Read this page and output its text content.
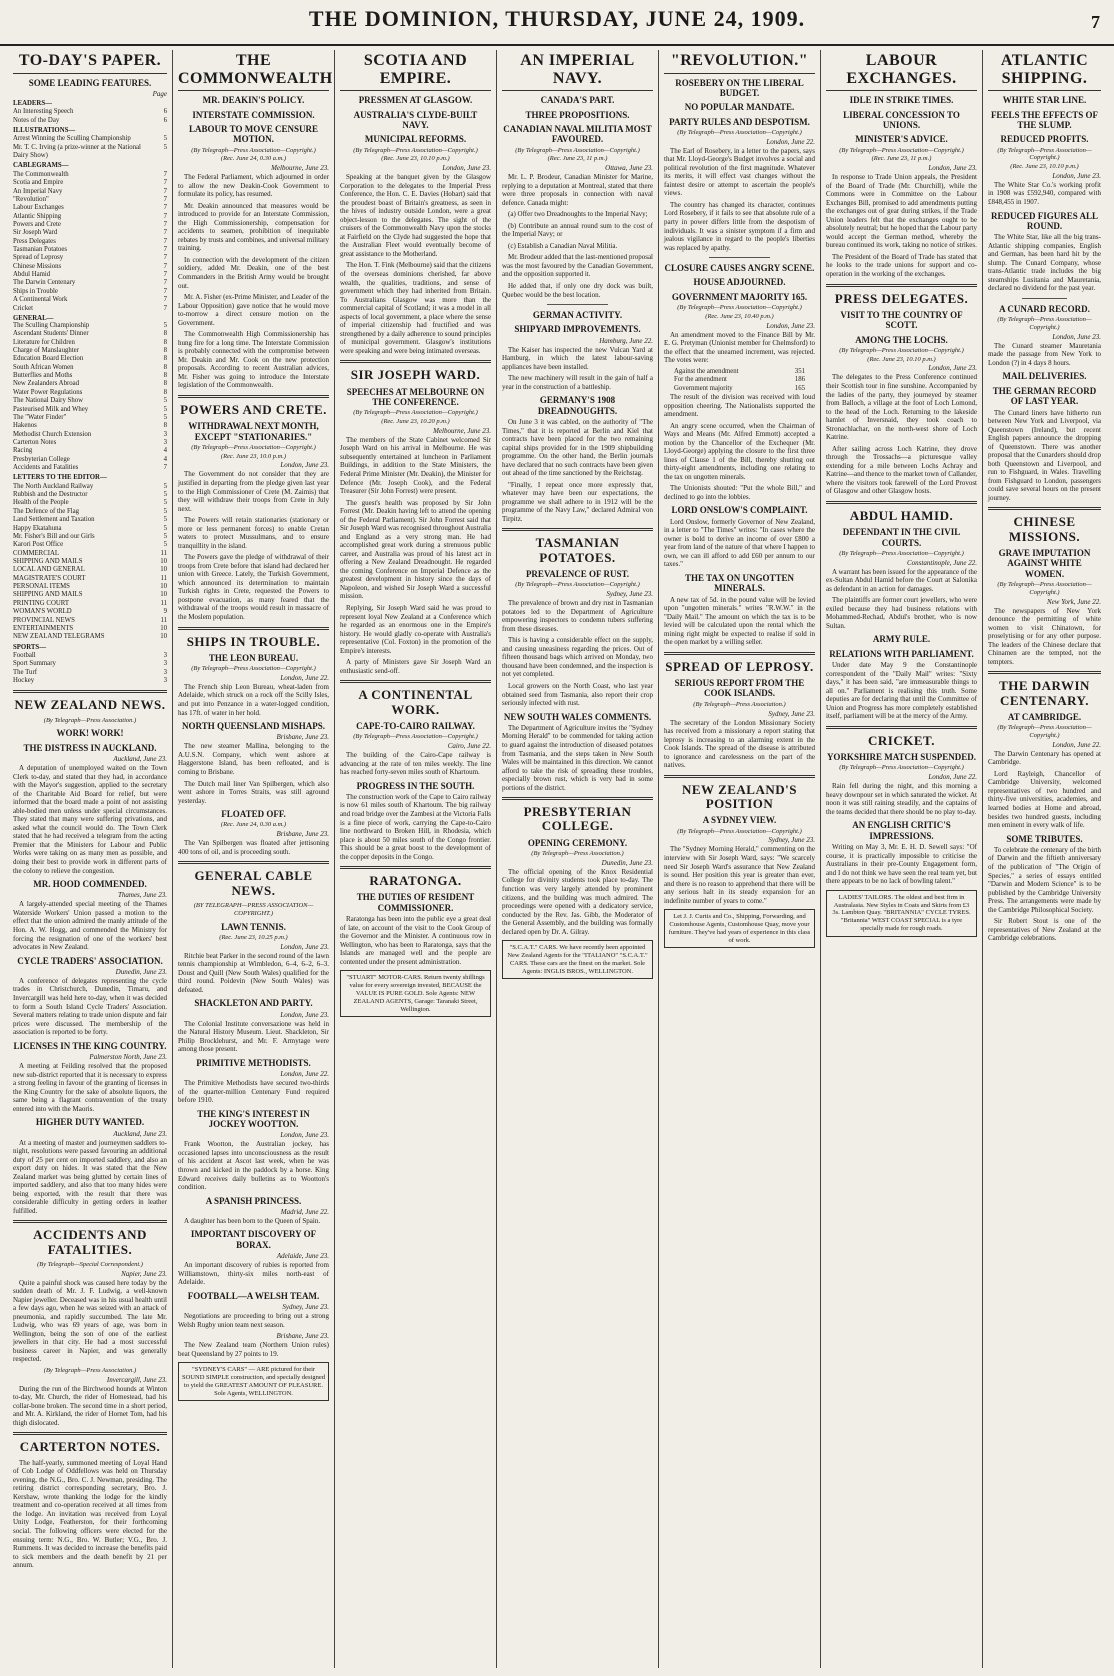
THE DOMINION, THURSDAY, JUNE 24, 1909.	7
TO-DAY'S PAPER.
SOME LEADING FEATURES.
Page
LEADERS—
An Interesting Speech	6
Notes of the Day	6
ILLUSTRATIONS—
Arrest Winning the Sculling Championship	5
Mr. T. C. Irving (a prize-winner at the National Dairy Show)
5
CABLEGRAMS—
The Commonwealth	7
Scotia and Empire	7
An Imperial Navy	7
"Revolution"	7
Labour Exchanges	7
Atlantic Shipping	7
Powers and Crete	7
Sir Joseph Ward	7
Press Delegates	7
Tasmanian Potatoes	7
Spread of Leprosy	7
Chinese Missions	7
Abdul Hamid	7
The Darwin Centenary	7
Ships in Trouble	7
A Continental Work	7
Cricket	7
GENERAL—
The Sculling Championship	5
Ascendant Students' Dinner	8
Literature for Children	8
Charge of Manslaughter	8
Education Board Election	8
South African Women	8
Butterflies and Moths	8
New Zealanders Abroad	8
Water Power Regulations	8
The National Dairy Show	5
Pasteurised Milk and Whey	5
The "Water Finder"	5
Hakenos	8
Methodist Church Extension	3
Carterton Notes	3
Racing	4
Presbyterian College	4
Accidents and Fatalities	7
LETTERS TO THE EDITOR—
The North Auckland Railway	5
Rubbish and the Destructor	5
Health of the People	5
The Defence of the Flag	5
Land Settlement and Taxation	5
Happy Ekatahuna	5
Mr. Fisher's Bill and our Girls	5
Karori Post Office	5
COMMERCIAL	11
SHIPPING AND MAILS	10
LOCAL AND GENERAL	10
MAGISTRATE'S COURT	11
PERSONAL ITEMS	10
SHIPPING AND MAILS	10
PRINTING COURT	11
WOMAN'S WORLD	9
PROVINCIAL NEWS	11
ENTERTAINMENTS	10
NEW ZEALAND TELEGRAMS	10
SPORTS—
Football	3
Sport Summary	3
The Turf	3
Hockey	3
NEW ZEALAND NEWS.
(By Telegraph—Press Association.)
WORK! WORK!
THE DISTRESS IN AUCKLAND.
Auckland, June 23.

A deputation of unemployed waited on the Town Clerk to-day, and stated that they had, in accordance with the Mayor's suggestion, applied to the secretary of the Charitable Aid Board for relief, but were informed that the board made a point of not assisting able-bodied men unless under special circumstances. They stated that many were suffering privations, and asked what the council would do. The Town Clerk stated that he had received a telegram from the acting Premier that the Ministers for Labour and Public Works were taking on as many men as possible, and doing their best to provide work in different parts of the colony to relieve the congestion.

MR. HOOD COMMENDED.
Thames, June 23.

A largely-attended special meeting of the Thames Waterside Workers' Union passed a motion to the effect that the union admired the manly attitude of the Hon. A. W. Hogg, and commended the Ministry for forcing the resignation of one of the workers' best advocates in New Zealand.

CYCLE TRADERS' ASSOCIATION.
Dunedin, June 23.

A conference of delegates representing the cycle trades in Christchurch, Dunedin, Timaru, and Invercargill was held here to-day, when it was decided to form a South Island Cycle Traders' Association. Several matters relating to trade union dispute and fair prices were discussed. The membership of the association is reported to be forty.

LICENSES IN THE KING COUNTRY.
Palmerston North, June 23.

A meeting at Feilding resolved that the proposed new sub-district reported that it is necessary to express a strong feeling in favour of the granting of licenses in the King Country for the sake of absolute liquors, the same being a flagrant contravention of the treaty entered into with the Maoris.

HIGHER DUTY WANTED.
Auckland, June 23.

At a meeting of master and journeymen saddlers to-night, resolutions were passed favouring an additional duty of 25 per cent on imported saddlery, and also an export duty on hides. It was stated that the New Zealand market was being glutted by certain lines of imported saddlery, and also that too many hides were being exported, with the result that there was considerable difficulty in getting orders in leather fulfilled.

ACCIDENTS AND FATALITIES.
(By Telegraph—Special Correspondent.)
Napier, June 23.

Quite a painful shock was caused here today by the sudden death of Mr. J. F. Ludwig, a well-known Napier jeweller. Deceased was in his usual health until a few days ago, when he was seized with an attack of pneumonia, and rapidly succumbed. The late Mr. Ludwig, who was 69 years of age, was born in Wellington, being the son of one of the earliest jewellers in that city. He had a most successful business career in Napier, and was generally respected.

(By Telegraph—Press Association.)
Invercargill, June 23.

During the run of the Birchwood hounds at Winton to-day, Mr. Church, the rider of Homestead, had his collar-bone broken. The second time in a short period, and Mr. A. Kirkland, the rider of Hornet Tom, had his thigh dislocated.

CARTERTON NOTES.

The half-yearly, summoned meeting of Loyal Hand of Cob Lodge of Oddfellows was held on Thursday evening, the N.G., Bro. C. J. Newman, presiding. The retiring district corresponding secretary, Bro. J. Kershaw, wrote thanking the lodge for the kindly treatment and co-operation received at all times from the lodge. An invitation was received from Loyal Unity Lodge, Featherston, for their forthcoming social. The following officers were elected for the ensuing term: N.G., Bro. W. Butler; V.G., Bro. J. Rummens. It was decided to increase the benefits paid to sick members and the death benefit by 21 per annum.

THE COMMONWEALTH
MR. DEAKIN'S POLICY.
INTERSTATE COMMISSION.
LABOUR TO MOVE CENSURE MOTION.
(By Telegraph—Press Association—Copyright.)
(Rec. June 24, 0.30 a.m.)
Melbourne, June 23.

The Federal Parliament, which adjourned in order to allow the new Deakin-Cook Government to formulate its policy, has resumed.

Mr. Deakin announced that measures would be introduced to provide for an Interstate Commission, the High Commissionership, compensation for accidents to seamen, prohibition of inequitable rebates by trusts and combines, and universal military training.

In connection with the development of the citizen soldiery, added Mr. Deakin, one of the best Commanders in the British Army would be brought out.

Mr. A. Fisher (ex-Prime Minister, and Leader of the Labour Opposition) gave notice that he would move to-morrow a direct censure motion on the Government.

The Commonwealth High Commissionership has hung fire for a long time. The Interstate Commission is probably connected with the compromise between Mr. Deakin and Mr. Cook on the new protection proposals. According to recent Australian advices, Mr. Fisher was going to introduce the Interstate legislation of the Commonwealth.

POWERS AND CRETE.
WITHDRAWAL NEXT MONTH, EXCEPT "STATIONARIES."
(By Telegraph—Press Association—Copyright.)
(Rec. June 23, 10.0 p.m.)
London, June 23.

The Government do not consider that they are justified in departing from the pledge given last year to the High Commissioner of Crete (M. Zaimis) that they will withdraw their troops from Crete in July next.

The Powers will retain stationaries (stationary or more or less permanent forces) to enable Cretan waters to protect Mussulmans, and to ensure tranquillity in the island.

The Powers gave the pledge of withdrawal of their troops from Crete before that island had declared her union with Greece. Lately, the Turkish Government, which announced its determination to maintain Turkish rights in Crete, requested the Powers to postpone evacuation, as many feared that the withdrawal of the troops would result in massacre of the Moslem population.

SHIPS IN TROUBLE.
THE LEON BUREAU.
(By Telegraph—Press Association—Copyright.)
London, June 22.

The French ship Leon Bureau, wheat-laden from Adelaide, which struck on a rock off the Scilly Isles, and put into Penzance in a water-logged condition, has 17ft. of water in her hold.

NORTH QUEENSLAND MISHAPS.
Brisbane, June 23.

The new steamer Mallina, belonging to the A.U.S.N. Company, which went ashore at Haggerstone Island, has been refloated, and is coming to Brisbane.

The Dutch mail liner Van Spilbergen, which also went ashore in Torres Straits, was still aground yesterday.

FLOATED OFF.
(Rec. June 24, 0.30 a.m.)
Brisbane, June 23.

The Van Spilbergen was floated after jettisoning 400 tons of oil, and is proceeding south.

GENERAL CABLE NEWS.
(BY TELEGRAPH—PRESS ASSOCIATION—COPYRIGHT.)
LAWN TENNIS.
(Rec. June 23, 10.25 p.m.)
London, June 23.

Ritchie beat Parker in the second round of the lawn tennis championship at Wimbledon, 6–4, 6–2, 6–3. Doust and Quill (New South Wales) qualified for the third round. Poidevin (New South Wales) was defeated.

SHACKLETON AND PARTY.
London, June 23.

The Colonial Institute conversazione was held in the Natural History Museum. Lieut. Shackleton, Sir Philip Brocklehurst, and Mr. F. Armytage were among those present.

PRIMITIVE METHODISTS.
London, June 22.

The Primitive Methodists have secured two-thirds of the quarter-million Centenary Fund required before 1910.

THE KING'S INTEREST IN JOCKEY WOOTTON.
London, June 23.

Frank Wootton, the Australian jockey, has occasioned lapses into unconsciousness as the result of his accident at Ascot last week, when he was thrown and kicked in the paddock by a horse. King Edward receives daily bulletins as to Wootton's condition.

A SPANISH PRINCESS.
Madrid, June 22.

A daughter has been born to the Queen of Spain.

IMPORTANT DISCOVERY OF BORAX.
Adelaide, June 23.

An important discovery of rubies is reported from Williamstown, thirty-six miles north-east of Adelaide.

FOOTBALL—A WELSH TEAM.
Sydney, June 23.

Negotiations are proceeding to bring out a strong Welsh Rugby union team next season.

Brisbane, June 23.

The New Zealand team (Northern Union rules) beat Queensland by 27 points to 19.

"SYDNEY'S CARS" — ARE pictured for their SOUND SIMPLE construction, and specially designed to yield the GREATEST AMOUNT OF PLEASURE. Sole Agents, WELLINGTON.
SCOTIA AND EMPIRE.
PRESSMEN AT GLASGOW.
AUSTRALIA'S CLYDE-BUILT NAVY.
MUNICIPAL REFORMS.
(By Telegraph—Press Association—Copyright.)
(Rec. June 23, 10.10 p.m.)
London, June 23.

Speaking at the banquet given by the Glasgow Corporation to the delegates to the Imperial Press Conference, the Hon. C. E. Davies (Hobart) said that the proudest boast of Britain's greatness, as seen in the hives of industry outside London, were a great object-lesson to the delegates. The sight of the cruisers of the Commonwealth Navy upon the stocks at Fairfield on the Clyde had suggested the hope that the Australian Fleet would eventually become of great assistance to the Motherland.

The Hon. T. Fink (Melbourne) said that the citizens of the overseas dominions cherished, far above wealth, the qualities, traditions, and sense of government which they had inherited from Britain. To Australians Glasgow was more than the commercial capital of Scotland; it was a model in all aspects of local government, a place where the sense of imperial citizenship had fructified and was strengthened by a daily adherence to sound principles of municipal government. Glasgow's institutions were speaking and were being intimated overseas.

SIR JOSEPH WARD.
SPEECHES AT MELBOURNE ON THE CONFERENCE.
(By Telegraph—Press Association—Copyright.)
(Rec. June 23, 10.20 p.m.)
Melbourne, June 23.

The members of the State Cabinet welcomed Sir Joseph Ward on his arrival in Melbourne. He was subsequently entertained at luncheon in Parliament Buildings, in addition to the State Ministers, the Federal Prime Minister (Mr. Deakin), the Minister for Defence (Mr. Joseph Cook), and the Federal Treasurer (Sir John Forrest) were present.

The guest's health was proposed by Sir John Forrest (Mr. Deakin having left to attend the opening of the Federal Parliament). Sir John Forrest said that Sir Joseph Ward was recognised throughout Australia and England as a very strong man. He had accomplished great work during a strenuous public career, and Australia was proud of his latest act in offering a New Zealand Dreadnought. He regarded the coming Conference on Imperial Defence as the greatest development in history since the days of Napoleon, and wished Sir Joseph Ward a successful mission.

Replying, Sir Joseph Ward said he was proud to represent loyal New Zealand at a Conference which he regarded as an enormous one in the Empire's history. He would gladly co-operate with Australia's representative (Col. Foxton) in the promotion of the Empire's interests.

A party of Ministers gave Sir Joseph Ward an enthusiastic send-off.

A CONTINENTAL WORK.
CAPE-TO-CAIRO RAILWAY.
(By Telegraph—Press Association—Copyright.)
Cairo, June 22.

The building of the Cairo-Cape railway is advancing at the rate of ten miles weekly. The line has reached forty-seven miles south of Khartoum.

PROGRESS IN THE SOUTH.

The construction work of the Cape to Cairo railway is now 61 miles south of Khartoum. The big railway and road bridge over the Zambesi at the Victoria Falls is a fine piece of work, carrying the Cape-to-Cairo line northward to Broken Hill, in Rhodesia, which place is about 50 miles south of the Congo frontier. This should be a great boost to the development of the copper deposits in the Congo.

RARATONGA.
THE DUTIES OF RESIDENT COMMISSIONER.

Raratonga has been into the public eye a great deal of late, on account of the visit to the Cook Group of the Governor and the Minister. A continuous row in Wellington, who has been to Raratonga, says that the Islands are managed well and the people are contented under the present administration.

"STUART" MOTOR-CARS. Return twenty shillings value for every sovereign invested, BECAUSE the VALUE IS PURE GOLD. Sole Agents: NEW ZEALAND AGENTS, Garage: Taranaki Street, Wellington.
AN IMPERIAL NAVY.
CANADA'S PART.
THREE PROPOSITIONS.
CANADIAN NAVAL MILITIA MOST FAVOURED.
(By Telegraph—Press Association—Copyright.)
(Rec. June 23, 11 p.m.)
Ottawa, June 23.

Mr. L. P. Brodeur, Canadian Minister for Marine, replying to a deputation at Montreal, stated that there were three proposals in connection with naval defence. Canada might:

(a) Offer two Dreadnoughts to the Imperial Navy;

(b) Contribute an annual round sum to the cost of the Imperial Navy; or

(c) Establish a Canadian Naval Militia.

Mr. Brodeur added that the last-mentioned proposal was the most favoured by the Canadian Government, and the opposition supported it.

He added that, if only one dry dock was built, Quebec would be the best location.

GERMAN ACTIVITY.
SHIPYARD IMPROVEMENTS.
Hamburg, June 22.

The Kaiser has inspected the new Vulcan Yard at Hamburg, in which the latest labour-saving appliances have been installed.

The new machinery will result in the gain of half a year in the construction of a battleship.

GERMANY'S 1908 DREADNOUGHTS.

On June 3 it was cabled, on the authority of "The Times," that it is reported at Berlin and Kiel that contracts have been placed for the two remaining capital ships provided for in the 1909 shipbuilding programme. On the other hand, the Berlin journals have declared that no such contracts have been given out ahead of the time sanctioned by the Reichstag.

"Finally, I repeat once more expressly that, whatever may have been our expectations, the programme we shall adhere to in 1912 will be the programme of the Navy Law," declared Admiral von Tirpitz.

TASMANIAN POTATOES.
PREVALENCE OF RUST.
(By Telegraph—Press Association—Copyright.)
Sydney, June 23.

The prevalence of brown and dry rust in Tasmanian potatoes led to the Department of Agriculture empowering inspectors to condemn tubers suffering from these diseases.

This is having a considerable effect on the supply, and causing uneasiness regarding the prices. Out of fifteen thousand bags which arrived on Monday, two thousand have been condemned, and the inspection is not yet completed.

Local growers on the North Coast, who last year obtained seed from Tasmania, also report their crop seriously infected with rust.

NEW SOUTH WALES COMMENTS.

The Department of Agriculture invites the "Sydney Morning Herald" to be commended for taking action to guard against the introduction of diseased potatoes from Tasmania, and the steps taken in New South Wales will be maintained in this direction. We cannot afford to take the risk of spreading these troubles, especially brown rust, which is very bad in some portions of the district.

PRESBYTERIAN COLLEGE.
OPENING CEREMONY.
(By Telegraph—Press Association.)
Dunedin, June 23.

The official opening of the Knox Residential College for divinity students took place to-day. The function was very largely attended by prominent citizens, and the building was much admired. The proceedings were opened with a dedicatory service, conducted by the Rev. Jas. Gibb, the Moderator of the General Assembly, and the building was formally declared open by Dr. A. Gilray.

"S.C.A.T." CARS. We have recently been appointed New Zealand Agents for the "ITALIANO" "S.C.A.T." CARS. These cars are the finest on the market. Sole Agents: INGLIS BROS., WELLINGTON.
"REVOLUTION."
ROSEBERY ON THE LIBERAL BUDGET.
NO POPULAR MANDATE.
PARTY RULES AND DESPOTISM.
(By Telegraph—Press Association—Copyright.)
London, June 22.

The Earl of Rosebery, in a letter to the papers, says that Mr. Lloyd-George's Budget involves a social and political revolution of the first magnitude. Whatever its merits, it will effect vast changes without the faintest desire or attempt to ascertain the people's views.

The country has changed its character, continues Lord Rosebery, if it fails to see that absolute rule of a party in power differs little from the despotism of individuals. It was a sinister symptom if a firm and jealous vigilance in regard to the people's liberties was replaced by apathy.

CLOSURE CAUSES ANGRY SCENE.
HOUSE ADJOURNED.
GOVERNMENT MAJORITY 165.
(By Telegraph—Press Association—Copyright.)
(Rec. June 23, 10.40 p.m.)
London, June 23.

An amendment moved to the Finance Bill by Mr. E. G. Pretyman (Unionist member for Chelmsford) to the effect that the unearned increment, was rejected. The votes were:

Against the amendment	351
For the amendment	186
Government majority	165

The result of the division was received with loud opposition cheering. The Nationalists supported the amendment.

An angry scene occurred, when the Chairman of Ways and Means (Mr. Alfred Emmott) accepted a motion by the Chancellor of the Exchequer (Mr. Lloyd-George) applying the closure to the first three lines of Clause 1 of the Bill, thereby shutting out thirty-eight amendments, including one relating to the tax on ungotten minerals.

The Unionists shouted: "Put the whole Bill," and declined to go into the lobbies.

LORD ONSLOW'S COMPLAINT.

Lord Onslow, formerly Governor of New Zealand, in a letter to "The Times" writes: "In cases where the owner is bold to derive an income of over £800 a year from land of the nature of that where I happen to own, we can ill afford to add £60 per annum to our taxes."

THE TAX ON UNGOTTEN MINERALS.

A new tax of 5d. in the pound value will be levied upon "ungotten minerals." writes "R.W.W." in the "Daily Mail." The amount on which the tax is to be levied will be calculated upon the rental which the mining right might be expected to realise if sold in the open market by a willing seller.

SPREAD OF LEPROSY.
SERIOUS REPORT FROM THE COOK ISLANDS.
(By Telegraph—Press Association.)
Sydney, June 23.

The secretary of the London Missionary Society has received from a missionary a report stating that leprosy is increasing to an alarming extent in the Cook Islands. The spread of the disease is attributed to ignorance and carelessness on the part of the natives.

NEW ZEALAND'S POSITION
A SYDNEY VIEW.
(By Telegraph—Press Association—Copyright.)
Sydney, June 23.

The "Sydney Morning Herald," commenting on the interview with Sir Joseph Ward, says: "We scarcely need Sir Joseph Ward's assurance that New Zealand is sound. Her position this year is greater than ever, and there is no reason to apprehend that there will be any serious halt in its steady expansion for an indefinite number of years to come."

Let J. J. Curtis and Co., Shipping, Forwarding, and Customhouse Agents, Customhouse Quay, move your furniture. They've had years of experience in this class of work.
LABOUR EXCHANGES.
IDLE IN STRIKE TIMES.
LIBERAL CONCESSION TO UNIONS.
MINISTER'S ADVICE.
(By Telegraph—Press Association—Copyright.)
(Rec. June 23, 11 p.m.)
London, June 23.

In response to Trade Union appeals, the President of the Board of Trade (Mr. Churchill), while the Commons were in Committee on the Labour Exchanges Bill, promised to add amendments putting the exchanges out of gear during strikes, if the Trade Union leaders felt that the exchanges ought to be absolutely neutral; but he hoped that the Labour party would accept the German method, whereby the bureau continued its work, taking no notice of strikes.

The President of the Board of Trade has stated that he looks to the trade unions for support and co-operation in the working of the exchanges.

PRESS DELEGATES.
VISIT TO THE COUNTRY OF SCOTT.
AMONG THE LOCHS.
(By Telegraph—Press Association—Copyright.)
(Rec. June 23, 10.10 p.m.)
London, June 23.

The delegates to the Press Conference continued their Scottish tour in fine sunshine. Accompanied by the ladies of the party, they journeyed by steamer from Balloch, a village at the foot of Loch Lomond, to the head of the Loch. Returning to the lakeside hamlet of Inversnaid, they took coach to Stronachlachar, on the north-west shore of Loch Katrine.

After sailing across Loch Katrine, they drove through the Trossachs—a picturesque valley extending for a mile between Lochs Achray and Katrine—and thence to the market town of Callander, where the visitors took farewell of the Lord Provost of Glasgow and other Glasgow hosts.

ABDUL HAMID.
DEFENDANT IN THE CIVIL COURTS.
(By Telegraph—Press Association—Copyright.)
Constantinople, June 22.

A warrant has been issued for the appearance of the ex-Sultan Abdul Hamid before the Court at Salonika as defendant in an action for damages.

The plaintiffs are former court jewellers, who were exiled because they had business relations with Mohammed-Rechad, Abdul's brother, who is now Sultan.

ARMY RULE.
RELATIONS WITH PARLIAMENT.

Under date May 9 the Constantinople correspondent of the "Daily Mail" writes: "Sixty days," it has been said, "are immeasurable things to all on." Parliament is realising this truth. Some deputies are for declaring that until the Committee of Union and Progress has more completely established itself, parliament will be at the mercy of the Army.

CRICKET.
YORKSHIRE MATCH SUSPENDED.
(By Telegraph—Press Association—Copyright.)
London, June 22.

Rain fell during the night, and this morning a heavy downpour set in which saturated the wicket. At noon it was still raining steadily, and the captains of the teams decided that there should be no play to-day.

AN ENGLISH CRITIC'S IMPRESSIONS.

Writing on May 3, Mr. E. H. D. Sewell says: "Of course, it is practically impossible to criticise the Australians in their pre-County Engagement form, and I do not think we have seen the real team yet, but there appears to be no lack of bowling talent."

LADIES' TAILORS. The oldest and best firm in Australasia. New Styles in Coats and Skirts from £3 3s. Lambton Quay. "BRITANNIA" CYCLE TYRES. "Britannia" WEST COAST SPECIAL is a tyre specially made for rough roads.
ATLANTIC SHIPPING.
WHITE STAR LINE.
FEELS THE EFFECTS OF THE SLUMP.
REDUCED PROFITS.
(By Telegraph—Press Association—Copyright.)
(Rec. June 23, 10.10 p.m.)
London, June 23.

The White Star Co.'s working profit in 1908 was £592,940, compared with £848,455 in 1907.

REDUCED FIGURES ALL ROUND.

The White Star, like all the big trans-Atlantic shipping companies, English and German, has been hard hit by the slump. The Cunard Company, whose trans-Atlantic trade includes the big steamships Lusitania and Mauretania, declared no dividend for the past year.

A CUNARD RECORD.
(By Telegraph—Press Association—Copyright.)
London, June 23.

The Cunard steamer Mauretania made the passage from New York to London (?) in 4 days 8 hours.

MAIL DELIVERIES.
THE GERMAN RECORD OF LAST YEAR.

The Cunard liners have hitherto run between New York and Liverpool, via Queenstown (Ireland), but recent English papers announce the dropping of Queenstown. There was another proposal that the Cunarders should drop both Queenstown and Liverpool, and run to Fishguard, in Wales. Travelling from Fishguard to London, passengers could save several hours on the present journey.

CHINESE MISSIONS.
GRAVE IMPUTATION AGAINST WHITE WOMEN.
(By Telegraph—Press Association—Copyright.)
New York, June 22.

The newspapers of New York denounce the permitting of white women to visit Chinatown, for proselytising or for any other purpose. The leaders of the Chinese declare that Chinamen are the tempted, not the tempters.

THE DARWIN CENTENARY.
AT CAMBRIDGE.
(By Telegraph—Press Association—Copyright.)
London, June 22.

The Darwin Centenary has opened at Cambridge.

Lord Rayleigh, Chancellor of Cambridge University, welcomed representatives of two hundred and thirty-five universities, academies, and learned bodies at Home and abroad, besides two hundred guests, including men eminent in every walk of life.

SOME TRIBUTES.

To celebrate the centenary of the birth of Darwin and the fiftieth anniversary of the publication of "The Origin of Species," a series of essays entitled "Darwin and Modern Science" is to be published by the Cambridge University Press. The arrangements were made by the Cambridge Philosophical Society.

Sir Robert Stout is one of the representatives of New Zealand at the Cambridge celebrations.
